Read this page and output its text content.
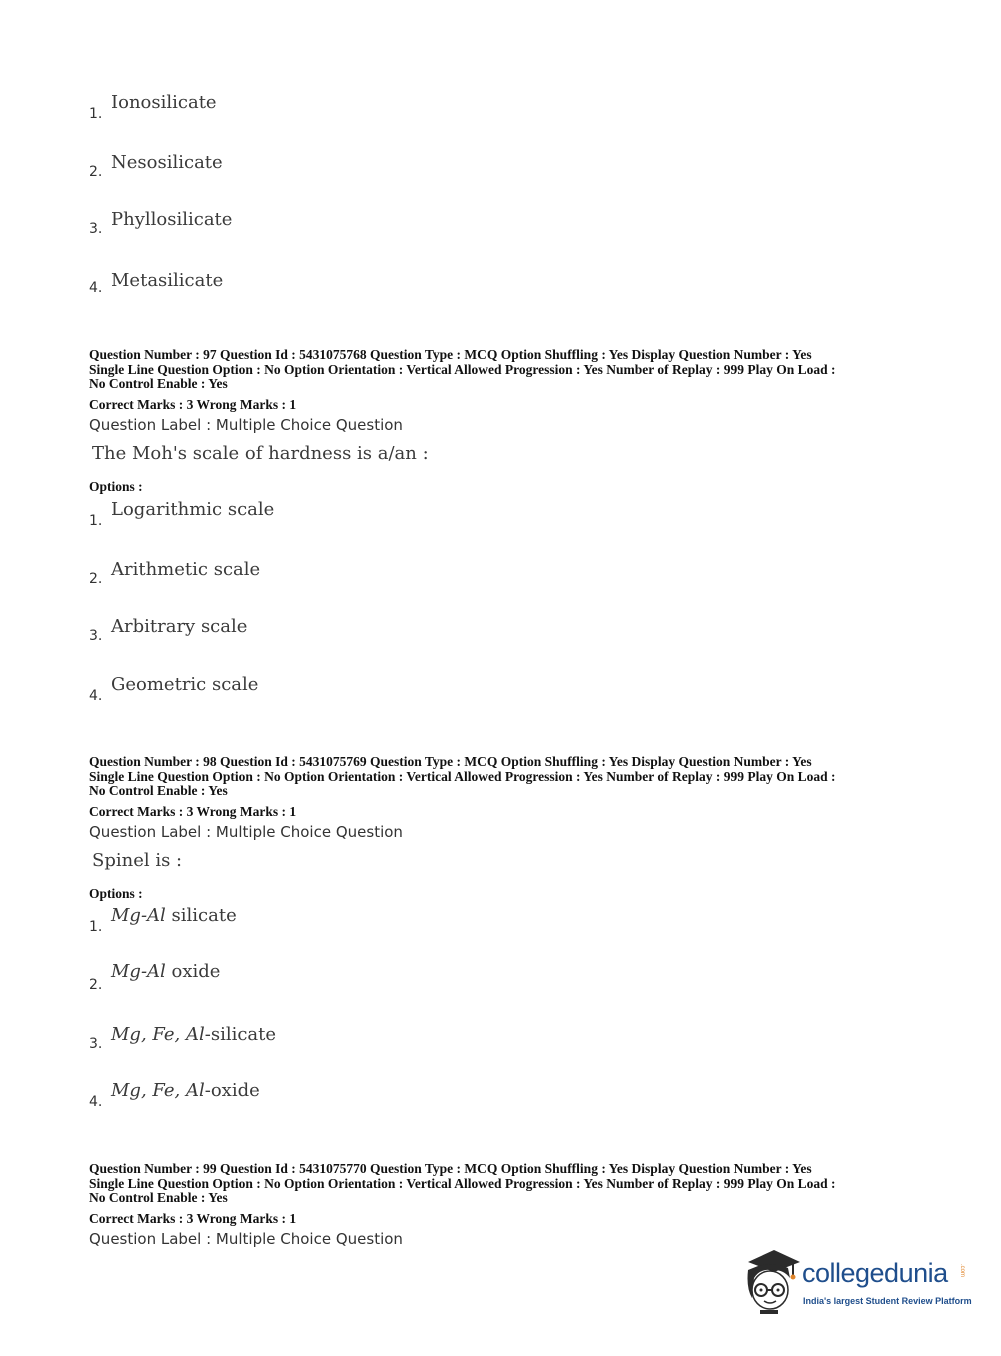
1.
Ionosilicate
2. Nesosilicate
3. Phyllosilicate
4. Metasilicate
Question Number : 97 Question Id : 5431075768 Question Type : MCQ Option Shuffling : Yes Display Question Number : Yes
Single Line Question Option : No Option Orientation : Vertical Allowed Progression : Yes Number of Replay : 999 Play On Load :
No Control Enable : Yes
Correct Marks : 3 Wrong Marks : 1
Question Label : Multiple Choice Question
The Moh's scale of hardness is a/an :
Options :
1.
Logarithmic scale
2. Arithmetic scale
3. Arbitrary scale
4.
Geometric scale
Question Number : 98 Question Id : 5431075769 Question Type : MCQ Option Shuffling : Yes Display Question Number : Yes
Single Line Question Option : No Option Orientation : Vertical Allowed Progression : Yes Number of Replay : 999 Play On Load :
No Control Enable : Yes
Correct Marks : 3 Wrong Marks : 1
Question Label : Multiple Choice Question
Spinel is :
Options :
1.
Mg-Al silicate
2.
Mg-Al oxide
3. Mg, Fe, Al-silicate
4.
Mg, Fe, Al-oxide
Question Number : 99 Question Id : 5431075770 Question Type : MCQ Option Shuffling : Yes Display Question Number : Yes
Single Line Question Option : No Option Orientation : Vertical Allowed Progression : Yes Number of Replay : 999 Play On Load :
No Control Enable : Yes
Correct Marks : 3 Wrong Marks : 1
Question Label : Multiple Choice Question
collegedunia .com
India's largest Student Review Platform
